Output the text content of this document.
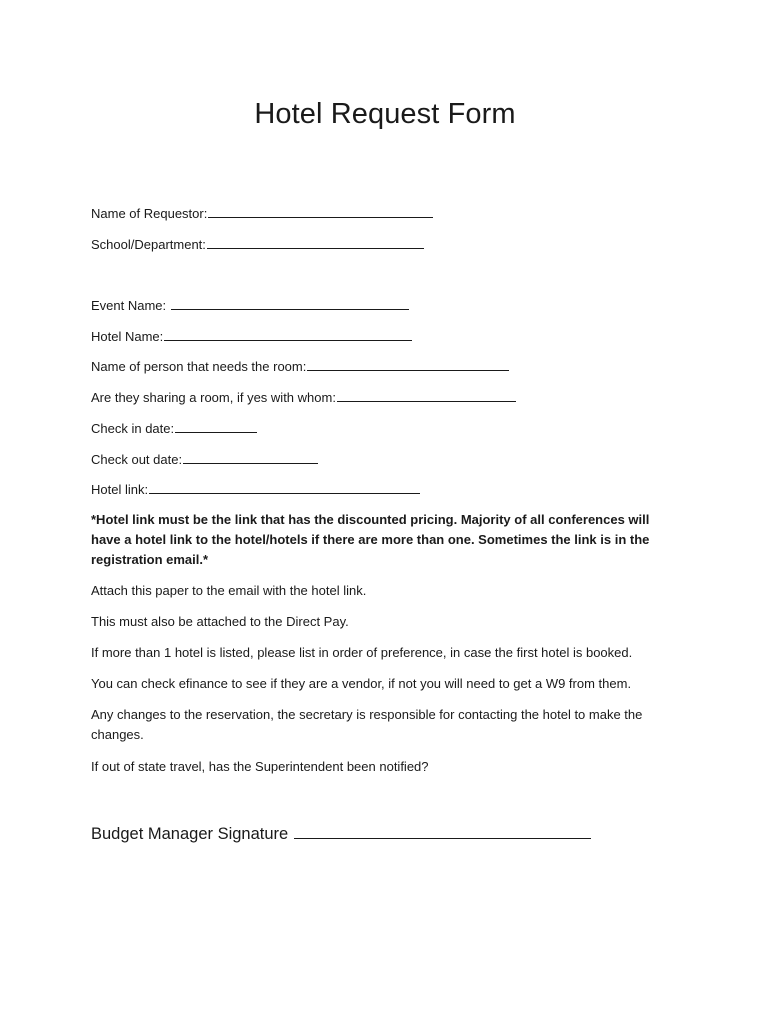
Hotel Request Form
Name of Requestor:
School/Department:
Event Name:
Hotel Name:
Name of person that needs the room:
Are they sharing a room, if yes with whom:
Check in date:
Check out date:
Hotel link:
*Hotel link must be the link that has the discounted pricing. Majority of all conferences will have a hotel link to the hotel/hotels if there are more than one. Sometimes the link is in the registration email.*
Attach this paper to the email with the hotel link.
This must also be attached to the Direct Pay.
If more than 1 hotel is listed, please list in order of preference, in case the first hotel is booked.
You can check efinance to see if they are a vendor, if not you will need to get a W9 from them.
Any changes to the reservation, the secretary is responsible for contacting the hotel to make the changes.
If out of state travel, has the Superintendent been notified?
Budget Manager Signature
